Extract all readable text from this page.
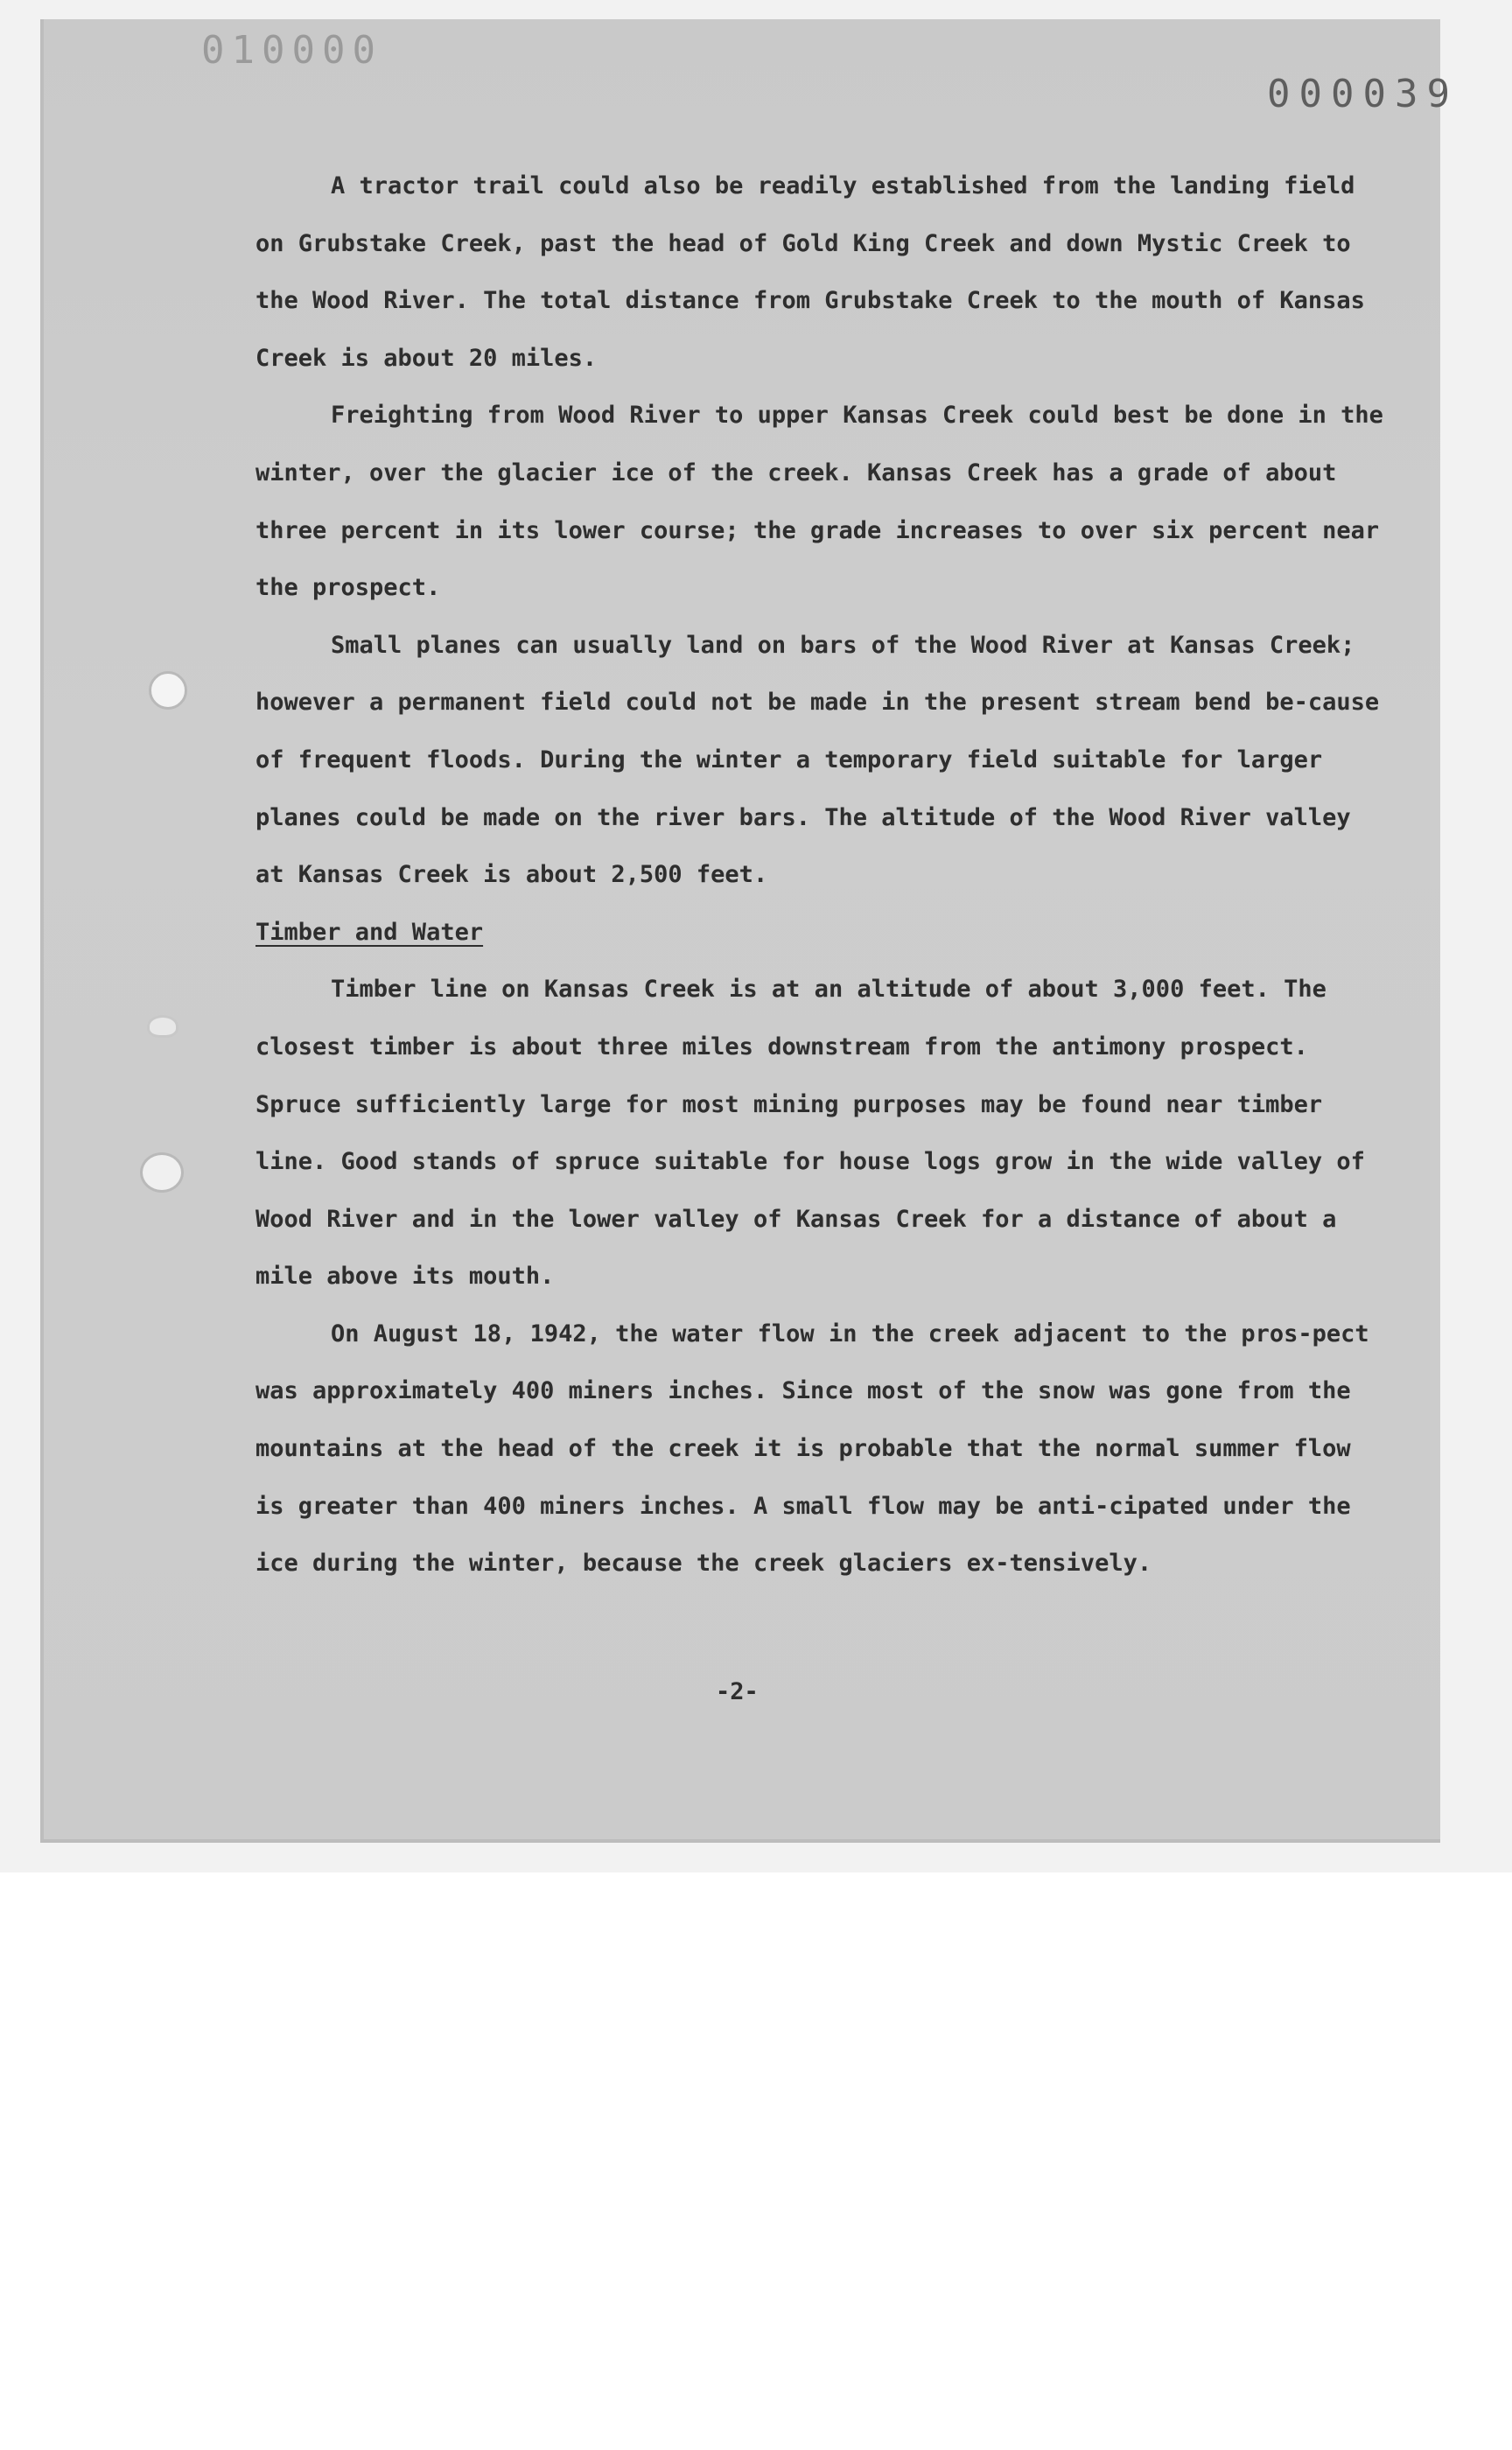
010000
000039

A tractor trail could also be readily established from the landing field on Grubstake Creek, past the head of Gold King Creek and down Mystic Creek to the Wood River. The total distance from Grubstake Creek to the mouth of Kansas Creek is about 20 miles.

Freighting from Wood River to upper Kansas Creek could best be done in the winter, over the glacier ice of the creek. Kansas Creek has a grade of about three percent in its lower course; the grade increases to over six percent near the prospect.

Small planes can usually land on bars of the Wood River at Kansas Creek; however a permanent field could not be made in the present stream bend be-cause of frequent floods. During the winter a temporary field suitable for larger planes could be made on the river bars. The altitude of the Wood River valley at Kansas Creek is about 2,500 feet.

Timber and Water

Timber line on Kansas Creek is at an altitude of about 3,000 feet. The closest timber is about three miles downstream from the antimony prospect. Spruce sufficiently large for most mining purposes may be found near timber line. Good stands of spruce suitable for house logs grow in the wide valley of Wood River and in the lower valley of Kansas Creek for a distance of about a mile above its mouth.

On August 18, 1942, the water flow in the creek adjacent to the pros-pect was approximately 400 miners inches. Since most of the snow was gone from the mountains at the head of the creek it is probable that the normal summer flow is greater than 400 miners inches. A small flow may be anti-cipated under the ice during the winter, because the creek glaciers ex-tensively.

-2-
